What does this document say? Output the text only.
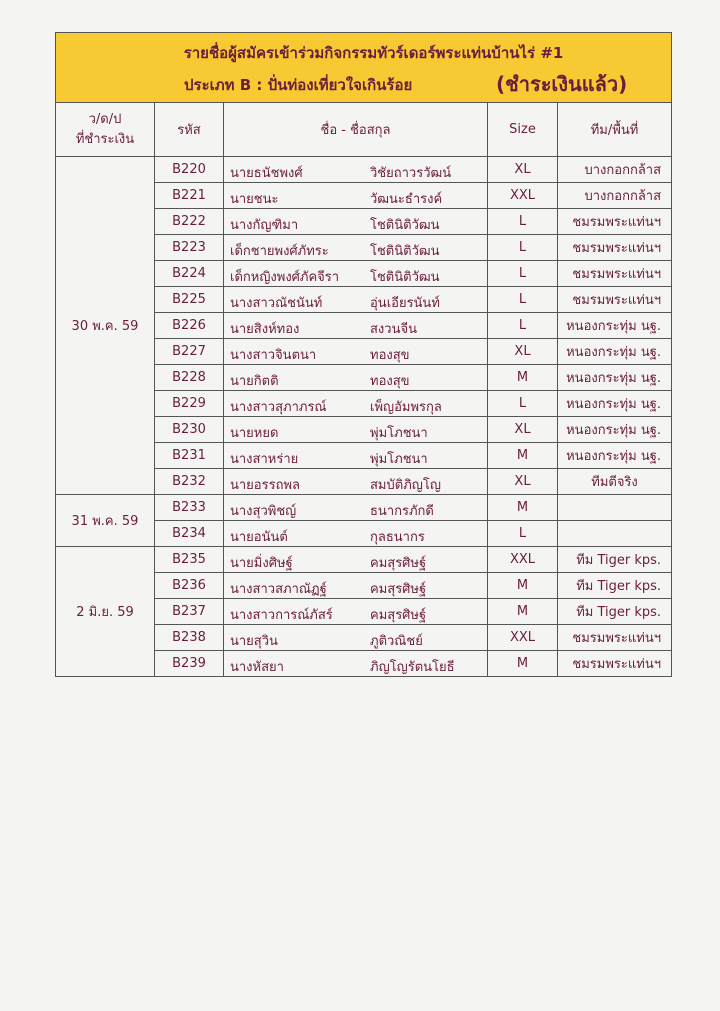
รายชื่อผู้สมัครเข้าร่วมกิจกรรมทัวร์เดอร์พระแท่นบ้านไร่ #1
ประเภท B : ปั่นท่องเที่ยวใจเกินร้อย (ชำระเงินแล้ว)				

ว/ด/ป
ที่ชำระเงิน	รหัส	ชื่อ - ชื่อสกุล	Size	ทีม/พื้นที่
30 พ.ค. 59	B220	นายธนัชพงศ์ วิชัยถาวรวัฒน์	XL	บางกอกกล้าส
	B221	นายชนะ วัฒนะธำรงค์	XXL	บางกอกกล้าส
	B222	นางกัญฑิมา โชตินิติวัฒน	L	ชมรมพระแท่นฯ
	B223	เด็กชายพงศ์ภัทระ โชตินิติวัฒน	L	ชมรมพระแท่นฯ
	B224	เด็กหญิงพงศ์ภัคจีรา โชตินิติวัฒน	L	ชมรมพระแท่นฯ
	B225	นางสาวณัชนันท์ อุ่นเอียรนันท์	L	ชมรมพระแท่นฯ
	B226	นายสิงห์ทอง สงวนจีน	L	หนองกระทุ่ม นฐ.
	B227	นางสาวจินตนา ทองสุข	XL	หนองกระทุ่ม นฐ.
	B228	นายกิตติ ทองสุข	M	หนองกระทุ่ม นฐ.
	B229	นางสาวสุภาภรณ์ เพ็ญอัมพรกุล	L	หนองกระทุ่ม นฐ.
	B230	นายหยด พุ่มโภชนา	XL	หนองกระทุ่ม นฐ.
	B231	นางสาหร่าย พุ่มโภชนา	M	หนองกระทุ่ม นฐ.
	B232	นายอรรถพล สมบัติภิญโญ	XL	ทีมตีจริง
31 พ.ค. 59	B233	นางสุวพิชญ์ ธนากรภักดี	M	
	B234	นายอนันต์ กุลธนากร	L	
2 มิ.ย. 59	B235	นายมิ่งศิษฐ์ คมสุรศิษฐ์	XXL	ทีม Tiger kps.
	B236	นางสาวสภาณัฏฐ์ คมสุรศิษฐ์	M	ทีม Tiger kps.
	B237	นางสาวการณ์ภัสร์ คมสุรศิษฐ์	M	ทีม Tiger kps.
	B238	นายสุวิน ภูติวณิชย์	XXL	ชมรมพระแท่นฯ
	B239	นางหัสยา ภิญโญรัตนโยธี	M	ชมรมพระแท่นฯ
